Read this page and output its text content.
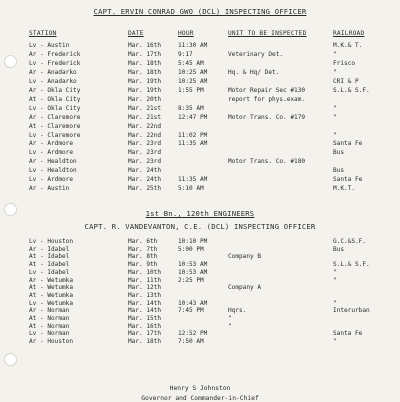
CAPT. ERVIN CONRAD GWO (DCL) INSPECTING OFFICER
STATION	DATE	HOUR	UNIT TO BE INSPECTED	RAILROAD
Lv - Austin	Mar. 16th	11:30 AM	M.K.& T.
Ar - Frederick	Mar. 17th	9:17	Veterinary Det.	"
Lv - Frederick	Mar. 18th	5:45 AM	Frisco
Ar - Anadarko	Mar. 18th	10:25 AM	Hq. & Hq/ Det.	"
Lv - Anadarko	Mar. 19th	10:25 AM	CRI & P
Ar - Okla City	Mar. 19th	1:55 PM	Motor Repair Sec #130	S.L.& S.F.
At - Okla City	Mar. 20th	report for phys.exam.
Lv - Okla City	Mar. 21st	8:35 AM	"
Ar - Claremore	Mar. 21st	12:47 PM	Motor Trans. Co. #179	"
At - Claremore	Mar. 22nd
Lv - Claremore	Mar. 22nd	11:02 PM	"
Ar - Ardmore	Mar. 23rd	11:35 AM	Santa Fe
Lv - Ardmore	Mar. 23rd	Bus
Ar - Healdton	Mar. 23rd	Motor Trans. Co. #180
Lv - Healdton	Mar. 24th	Bus
Lv - Ardmore	Mar. 24th	11:35 AM	Santa Fe
Ar - Austin	Mar. 25th	5:10 AM	M.K.T.
1st Bn., 120th ENGINEERS
CAPT. R. VANDEVANTON, C.E. (DCL) INSPECTING OFFICER
Lv - Houston	Mar. 6th	10:10 PM	G.C.&S.F.
Ar - Idabel	Mar. 7th	5:00 PM	Bus
At - Idabel	Mar. 8th	Company B
At - Idabel	Mar. 9th	10:53 AM	S.L.& S.F.
Lv - Idabel	Mar. 10th	10:53 AM	"
Ar - Wetumka	Mar. 11th	2:25 PM	"
At - Wetumka	Mar. 12th	Company A
At - Wetumka	Mar. 13th
Lv - Wetumka	Mar. 14th	10:43 AM	"
Ar - Norman	Mar. 14th	7:45 PM	Hqrs.	Interurban
At - Norman	Mar. 15th	"
At - Norman	Mar. 16th	"
Lv - Norman	Mar. 17th	12:52 PM	Santa Fe
Ar - Houston	Mar. 18th	7:50 AM	"
Henry S Johnston
Governor and Commander-in-Chief
